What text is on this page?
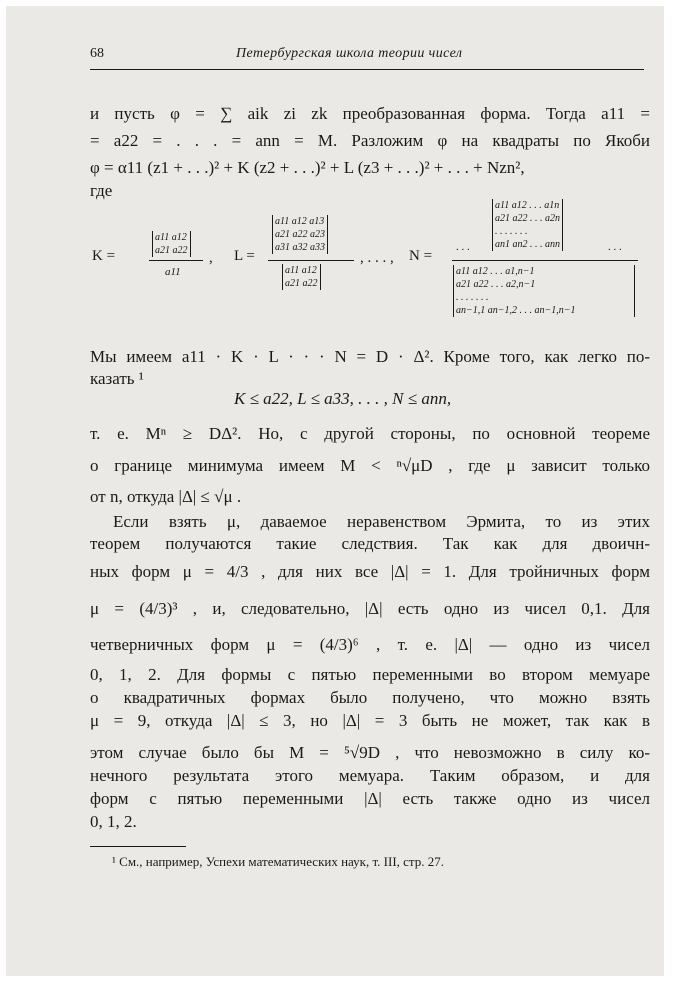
68	Петербургская школа теории чисел
и пусть φ = ∑ aik zi zk преобразованная форма. Тогда a11 =
= a22 = . . . = ann = M. Разложим φ на квадраты по Якоби
φ = α11 (z1 + . . .)² + K (z2 + . . .)² + L (z3 + . . .)² + . . . + Nzn²,
где
K =
a11 a12
a21 a22
a11
, L =
a11 a12 a13
a21 a22 a23
a31 a32 a33
a11 a12
a21 a22
, . . . , N =
. . .
a11 a12 . . . a1n
a21 a22 . . . a2n
. . . . . . .
an1 an2 . . . ann	. . .
a11 a12 . . . a1,n−1
a21 a22 . . . a2,n−1
. . . . . . .
an−1,1 an−1,2 . . . an−1,n−1
Мы имеем a11 · K · L · · · N = D · Δ². Кроме того, как легко по-
казать ¹
K ≤ a22, L ≤ a33, . . . , N ≤ ann,
т. е. Mⁿ ≥ DΔ². Но, с другой стороны, по основной теореме
о границе минимума имеем M < ⁿ√μD , где μ зависит только
от n, откуда |Δ| ≤ √μ .
Если взять μ, даваемое неравенством Эрмита, то из этих
теорем получаются такие следствия. Так как для двоичн-
ных форм μ = 4/3 , для них все |Δ| = 1. Для тройничных форм
μ = (4/3)³ , и, следовательно, |Δ| есть одно из чисел 0,1. Для
четверничных форм μ = (4/3)⁶ , т. е. |Δ| — одно из чисел
0, 1, 2. Для формы с пятью переменными во втором мемуаре
о квадратичных формах было получено, что можно взять
μ = 9, откуда |Δ| ≤ 3, но |Δ| = 3 быть не может, так как в
этом случае было бы M = ⁵√9D , что невозможно в силу ко-
нечного результата этого мемуара. Таким образом, и для
форм с пятью переменными |Δ| есть также одно из чисел
0, 1, 2.
¹ См., например, Успехи математических наук, т. III, стр. 27.
